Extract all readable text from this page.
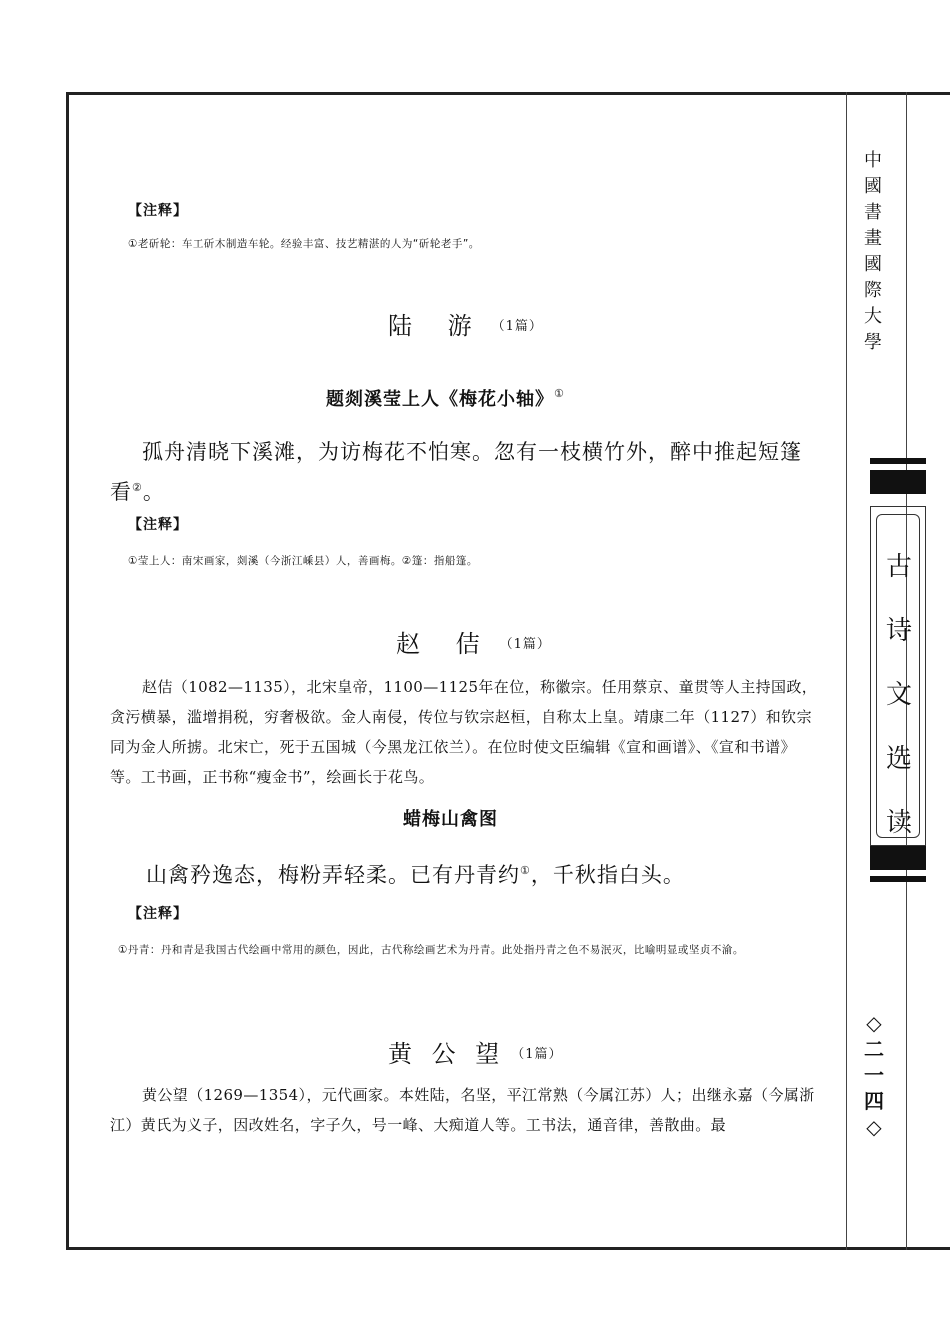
【注释】
①老斫轮：车工斫木制造车轮。经验丰富、技艺精湛的人为“斫轮老手”。
陆 游 （1篇）
题剡溪莹上人《梅花小轴》①
孤舟清晓下溪滩，为访梅花不怕寒。忽有一枝横竹外，醉中推起短篷
看②。
【注释】
①莹上人：南宋画家，剡溪（今浙江嵊县）人，善画梅。②篷：指船篷。
赵 佶 （1篇）
赵佶（1082—1135），北宋皇帝，1100—1125年在位，称徽宗。任用蔡京、童贯等人主持国政，贪污横暴，滥增捐税，穷奢极欲。金人南侵，传位与钦宗赵桓，自称太上皇。靖康二年（1127）和钦宗同为金人所掳。北宋亡，死于五国城（今黑龙江依兰）。在位时使文臣编辑《宣和画谱》、《宣和书谱》等。工书画，正书称“瘦金书”，绘画长于花鸟。
蜡梅山禽图
山禽矜逸态，梅粉弄轻柔。已有丹青约①，千秋指白头。
【注释】
①丹青：丹和青是我国古代绘画中常用的颜色，因此，古代称绘画艺术为丹青。此处指丹青之色不易泯灭，比喻明显或坚贞不渝。
黄 公 望 （1篇）
黄公望（1269—1354），元代画家。本姓陆，名坚，平江常熟（今属江苏）人；出继永嘉（今属浙江）黄氏为义子，因改姓名，字子久，号一峰、大痴道人等。工书法，通音律，善散曲。最
中國書畫國際大學
古
诗
文
选
读
◇
二
一
四
◇
